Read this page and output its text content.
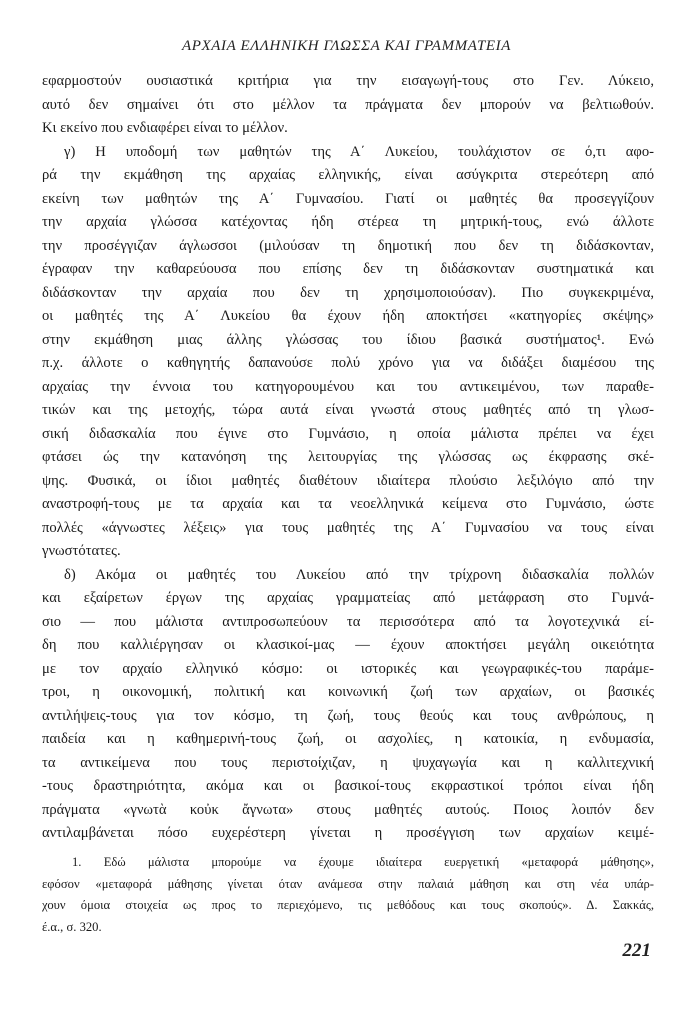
ΑΡΧΑΙΑ ΕΛΛΗΝΙΚΗ ΓΛΩΣΣΑ ΚΑΙ ΓΡΑΜΜΑΤΕΙΑ
εφαρμοστούν ουσιαστικά κριτήρια για την εισαγωγή-τους στο Γεν. Λύκειο,
αυτό δεν σημαίνει ότι στο μέλλον τα πράγματα δεν μπορούν να βελτιωθούν.
Κι εκείνο που ενδιαφέρει είναι το μέλλον.
γ) Η υποδομή των μαθητών της Α΄ Λυκείου, τουλάχιστον σε ό,τι αφο-
ρά την εκμάθηση της αρχαίας ελληνικής, είναι ασύγκριτα στερεότερη από
εκείνη των μαθητών της Α΄ Γυμνασίου. Γιατί οι μαθητές θα προσεγγίζουν
την αρχαία γλώσσα κατέχοντας ήδη στέρεα τη μητρική-τους, ενώ άλλοτε
την προσέγγιζαν άγλωσσοι (μιλούσαν τη δημοτική που δεν τη διδάσκονταν,
έγραφαν την καθαρεύουσα που επίσης δεν τη διδάσκονταν συστηματικά και
διδάσκονταν την αρχαία που δεν τη χρησιμοποιούσαν). Πιο συγκεκριμένα,
οι μαθητές της Α΄ Λυκείου θα έχουν ήδη αποκτήσει «κατηγορίες σκέψης»
στην εκμάθηση μιας άλλης γλώσσας του ίδιου βασικά συστήματος¹. Ενώ
π.χ. άλλοτε ο καθηγητής δαπανούσε πολύ χρόνο για να διδάξει διαμέσου της
αρχαίας την έννοια του κατηγορουμένου και του αντικειμένου, των παραθε-
τικών και της μετοχής, τώρα αυτά είναι γνωστά στους μαθητές από τη γλωσ-
σική διδασκαλία που έγινε στο Γυμνάσιο, η οποία μάλιστα πρέπει να έχει
φτάσει ώς την κατανόηση της λειτουργίας της γλώσσας ως έκφρασης σκέ-
ψης. Φυσικά, οι ίδιοι μαθητές διαθέτουν ιδιαίτερα πλούσιο λεξιλόγιο από την
αναστροφή-τους με τα αρχαία και τα νεοελληνικά κείμενα στο Γυμνάσιο, ώστε
πολλές «άγνωστες λέξεις» για τους μαθητές της Α΄ Γυμνασίου να τους είναι
γνωστότατες.
δ) Ακόμα οι μαθητές του Λυκείου από την τρίχρονη διδασκαλία πολλών
και εξαίρετων έργων της αρχαίας γραμματείας από μετάφραση στο Γυμνά-
σιο — που μάλιστα αντιπροσωπεύουν τα περισσότερα από τα λογοτεχνικά εί-
δη που καλλιέργησαν οι κλασικοί-μας — έχουν αποκτήσει μεγάλη οικειότητα
με τον αρχαίο ελληνικό κόσμο: οι ιστορικές και γεωγραφικές-του παράμε-
τροι, η οικονομική, πολιτική και κοινωνική ζωή των αρχαίων, οι βασικές
αντιλήψεις-τους για τον κόσμο, τη ζωή, τους θεούς και τους ανθρώπους, η
παιδεία και η καθημερινή-τους ζωή, οι ασχολίες, η κατοικία, η ενδυμασία,
τα αντικείμενα που τους περιστοίχιζαν, η ψυχαγωγία και η καλλιτεχνική
-τους δραστηριότητα, ακόμα και οι βασικοί-τους εκφραστικοί τρόποι είναι ήδη
πράγματα «γνωτὰ κοὐκ ἄγνωτα» στους μαθητές αυτούς. Ποιος λοιπόν δεν
αντιλαμβάνεται πόσο ευχερέστερη γίνεται η προσέγγιση των αρχαίων κειμέ-
1. Εδώ μάλιστα μπορούμε να έχουμε ιδιαίτερα ευεργετική «μεταφορά μάθησης»,
εφόσον «μεταφορά μάθησης γίνεται όταν ανάμεσα στην παλαιά μάθηση και στη νέα υπάρ-
χουν όμοια στοιχεία ως προς το περιεχόμενο, τις μεθόδους και τους σκοπούς». Δ. Σακκάς,
έ.α., σ. 320.
221
